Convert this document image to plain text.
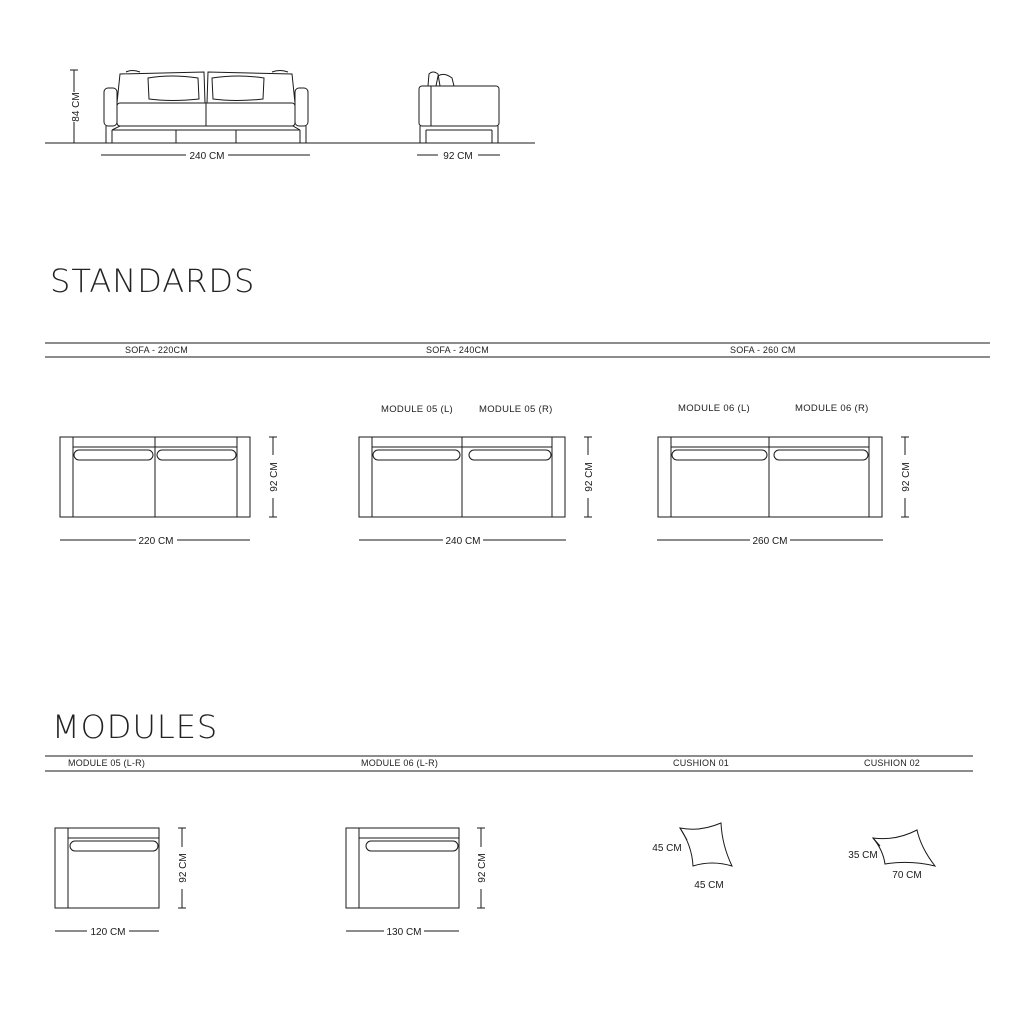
STANDARDS
MODULES
SOFA - 220CM	SOFA - 240CM	SOFA - 260 CM
MODULE 05 (L)	MODULE 05 (R)	MODULE 06 (L)	MODULE 06 (R)
MODULE 05 (L-R)	MODULE 06 (L-R)	CUSHION 01	CUSHION 02
84 CM
240 CM	92 CM
92 CM
220 CM
92 CM
240 CM
92 CM
260 CM
92 CM
120 CM
92 CM
130 CM
45 CM
45 CM
35 CM
70 CM
